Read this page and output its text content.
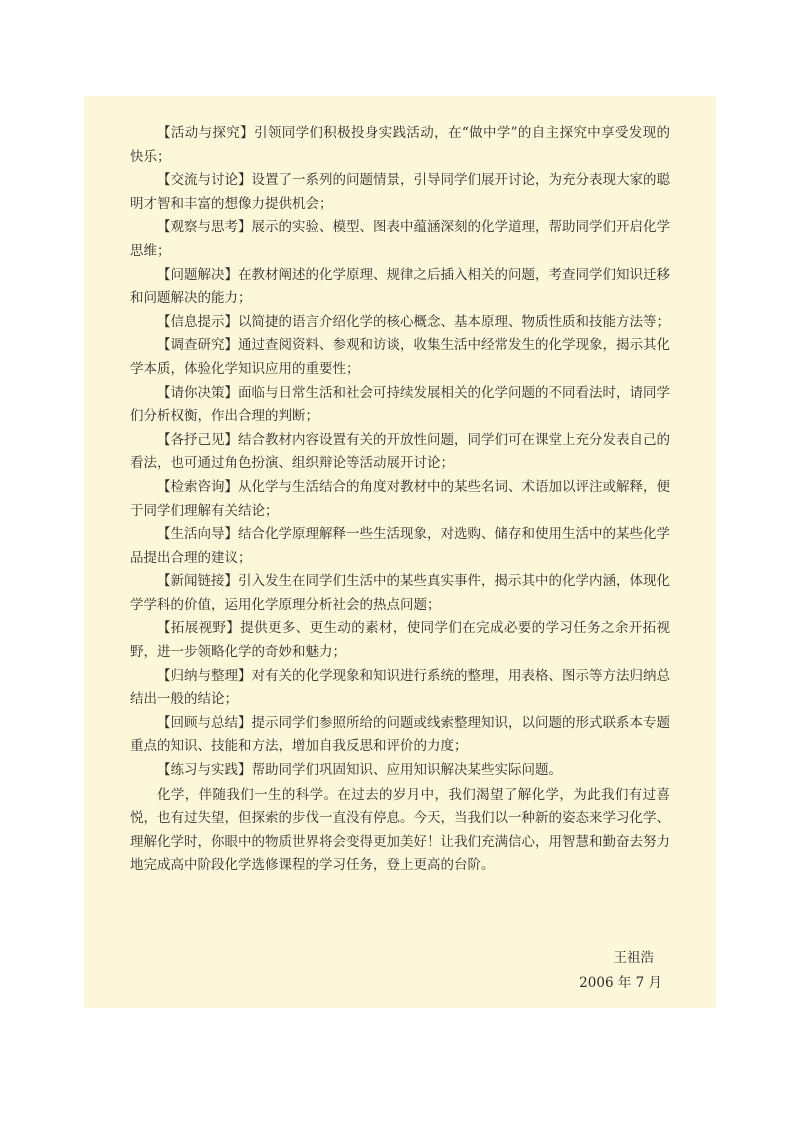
【活动与探究】引领同学们积极投身实践活动，在“做中学”的自主探究中享受发现的快乐；

【交流与讨论】设置了一系列的问题情景，引导同学们展开讨论，为充分表现大家的聪明才智和丰富的想像力提供机会；

【观察与思考】展示的实验、模型、图表中蕴涵深刻的化学道理，帮助同学们开启化学思维；

【问题解决】在教材阐述的化学原理、规律之后插入相关的问题，考查同学们知识迁移和问题解决的能力；

【信息提示】以简捷的语言介绍化学的核心概念、基本原理、物质性质和技能方法等；

【调查研究】通过查阅资料、参观和访谈，收集生活中经常发生的化学现象，揭示其化学本质，体验化学知识应用的重要性；

【请你决策】面临与日常生活和社会可持续发展相关的化学问题的不同看法时，请同学们分析权衡，作出合理的判断；

【各抒己见】结合教材内容设置有关的开放性问题，同学们可在课堂上充分发表自己的看法，也可通过角色扮演、组织辩论等活动展开讨论；

【检索咨询】从化学与生活结合的角度对教材中的某些名词、术语加以评注或解释，便于同学们理解有关结论；

【生活向导】结合化学原理解释一些生活现象，对选购、储存和使用生活中的某些化学品提出合理的建议；

【新闻链接】引入发生在同学们生活中的某些真实事件，揭示其中的化学内涵，体现化学学科的价值，运用化学原理分析社会的热点问题；

【拓展视野】提供更多、更生动的素材，使同学们在完成必要的学习任务之余开拓视野，进一步领略化学的奇妙和魅力；

【归纳与整理】对有关的化学现象和知识进行系统的整理，用表格、图示等方法归纳总结出一般的结论；

【回顾与总结】提示同学们参照所给的问题或线索整理知识，以问题的形式联系本专题重点的知识、技能和方法，增加自我反思和评价的力度；

【练习与实践】帮助同学们巩固知识、应用知识解决某些实际问题。

化学，伴随我们一生的科学。在过去的岁月中，我们渴望了解化学，为此我们有过喜悦，也有过失望，但探索的步伐一直没有停息。今天，当我们以一种新的姿态来学习化学、理解化学时，你眼中的物质世界将会变得更加美好！让我们充满信心，用智慧和勤奋去努力地完成高中阶段化学选修课程的学习任务，登上更高的台阶。

王祖浩
2006 年 7 月
